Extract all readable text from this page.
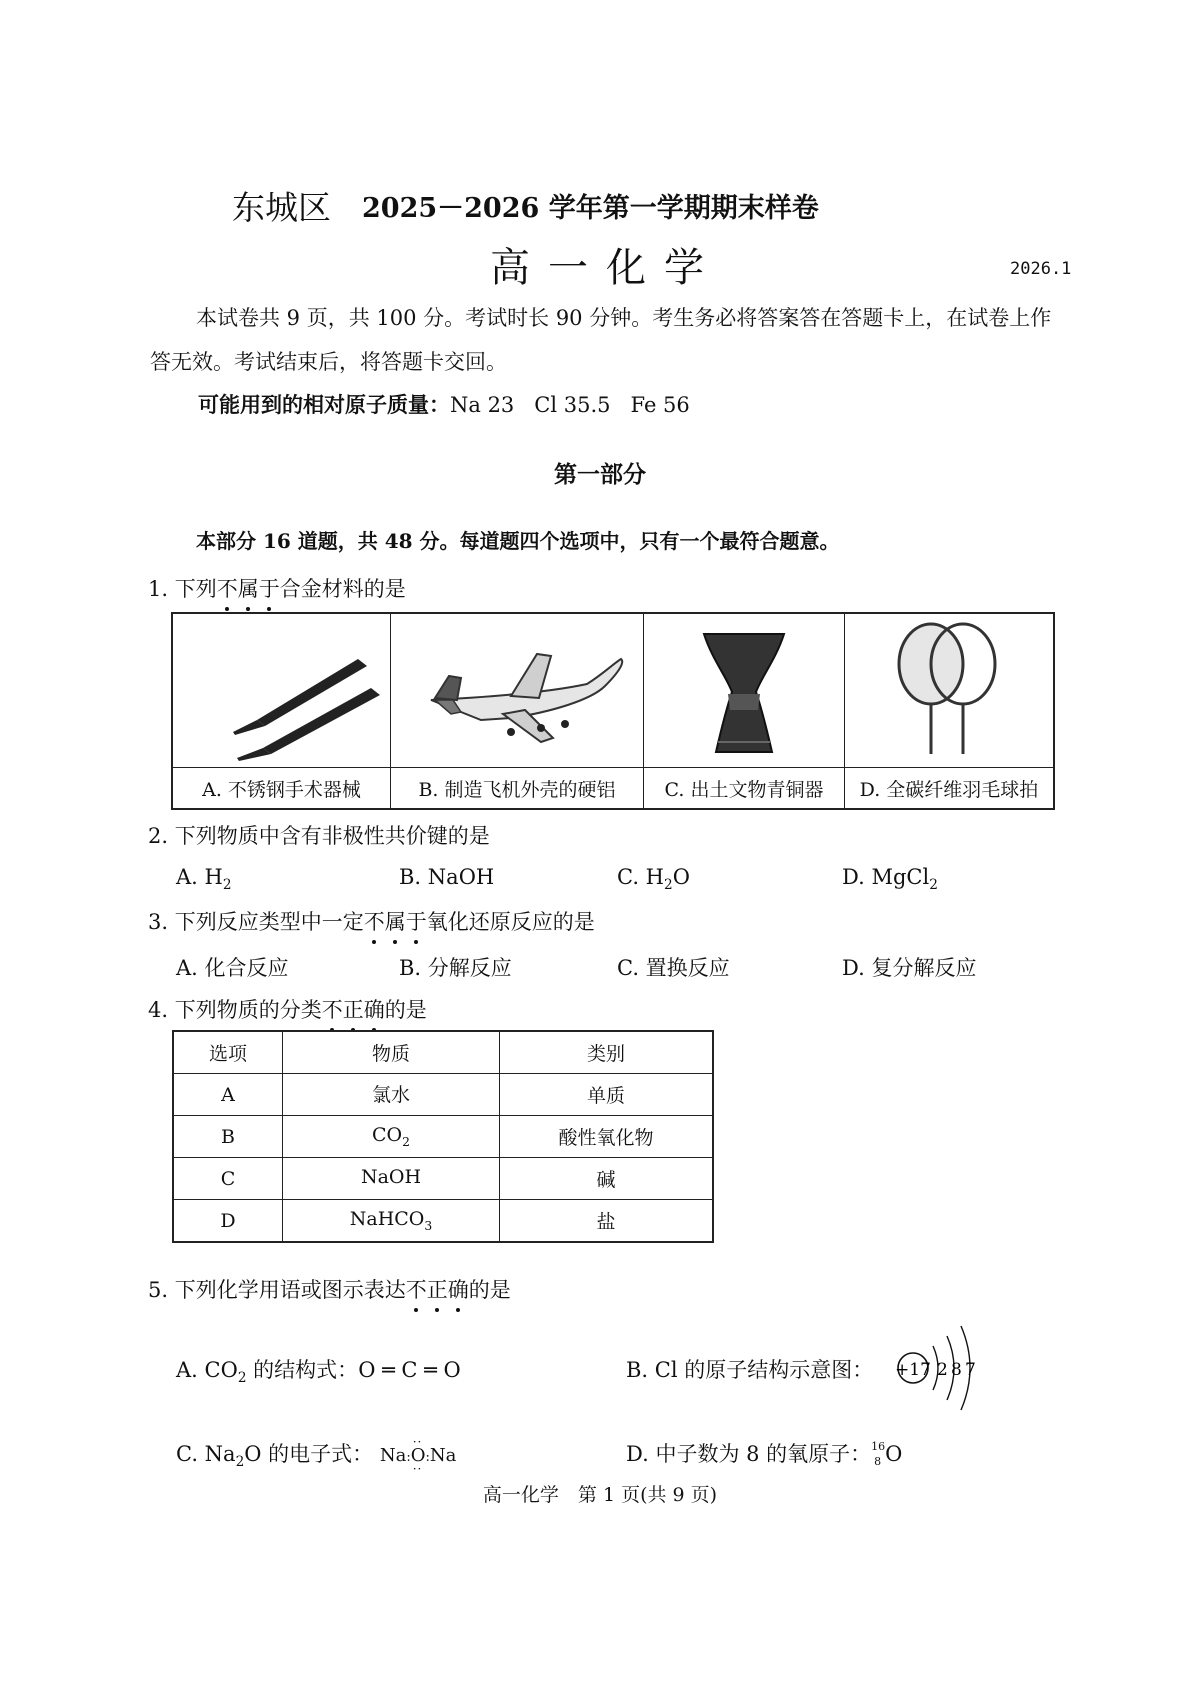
东城区 2025－2026 学年第一学期期末样卷
高一化学	2026.1
本试卷共 9 页，共 100 分。考试时长 90 分钟。考生务必将答案答在答题卡上，在试卷上作答无效。考试结束后，将答题卡交回。
可能用到的相对原子质量：Na 23 Cl 35.5 Fe 56
第一部分
本部分 16 道题，共 48 分。每道题四个选项中，只有一个最符合题意。
1. 下列不属于合金材料的是

A. 不锈钢手术器械	B. 制造飞机外壳的硬铝	C. 出土文物青铜器	D. 全碳纤维羽毛球拍
2. 下列物质中含有非极性共价键的是
A. $H_2$	B. NaOH	C. $H_2O$	D. MgCl$_2$
3. 下列反应类型中一定不属于氧化还原反应的是
A. 化合反应	B. 分解反应	C. 置换反应	D. 复分解反应
4. 下列物质的分类不正确的是
选项	物质	类别
A	氯水	单质
B	$CO_2$	酸性氧化物
C	NaOH	碱
D	NaHCO$_3$	盐
5. 下列化学用语或图示表达不正确的是
A. $CO_2$ 的结构式：O ═ C ═ O	B. Cl 的原子结构示意图： +17 2 8 7
C. $Na_2O$ 的电子式： Na:
··
O
··
:Na	D. 中子数为 8 的氧原子： 16
8 O
高一化学　第 1 页(共 9 页)
